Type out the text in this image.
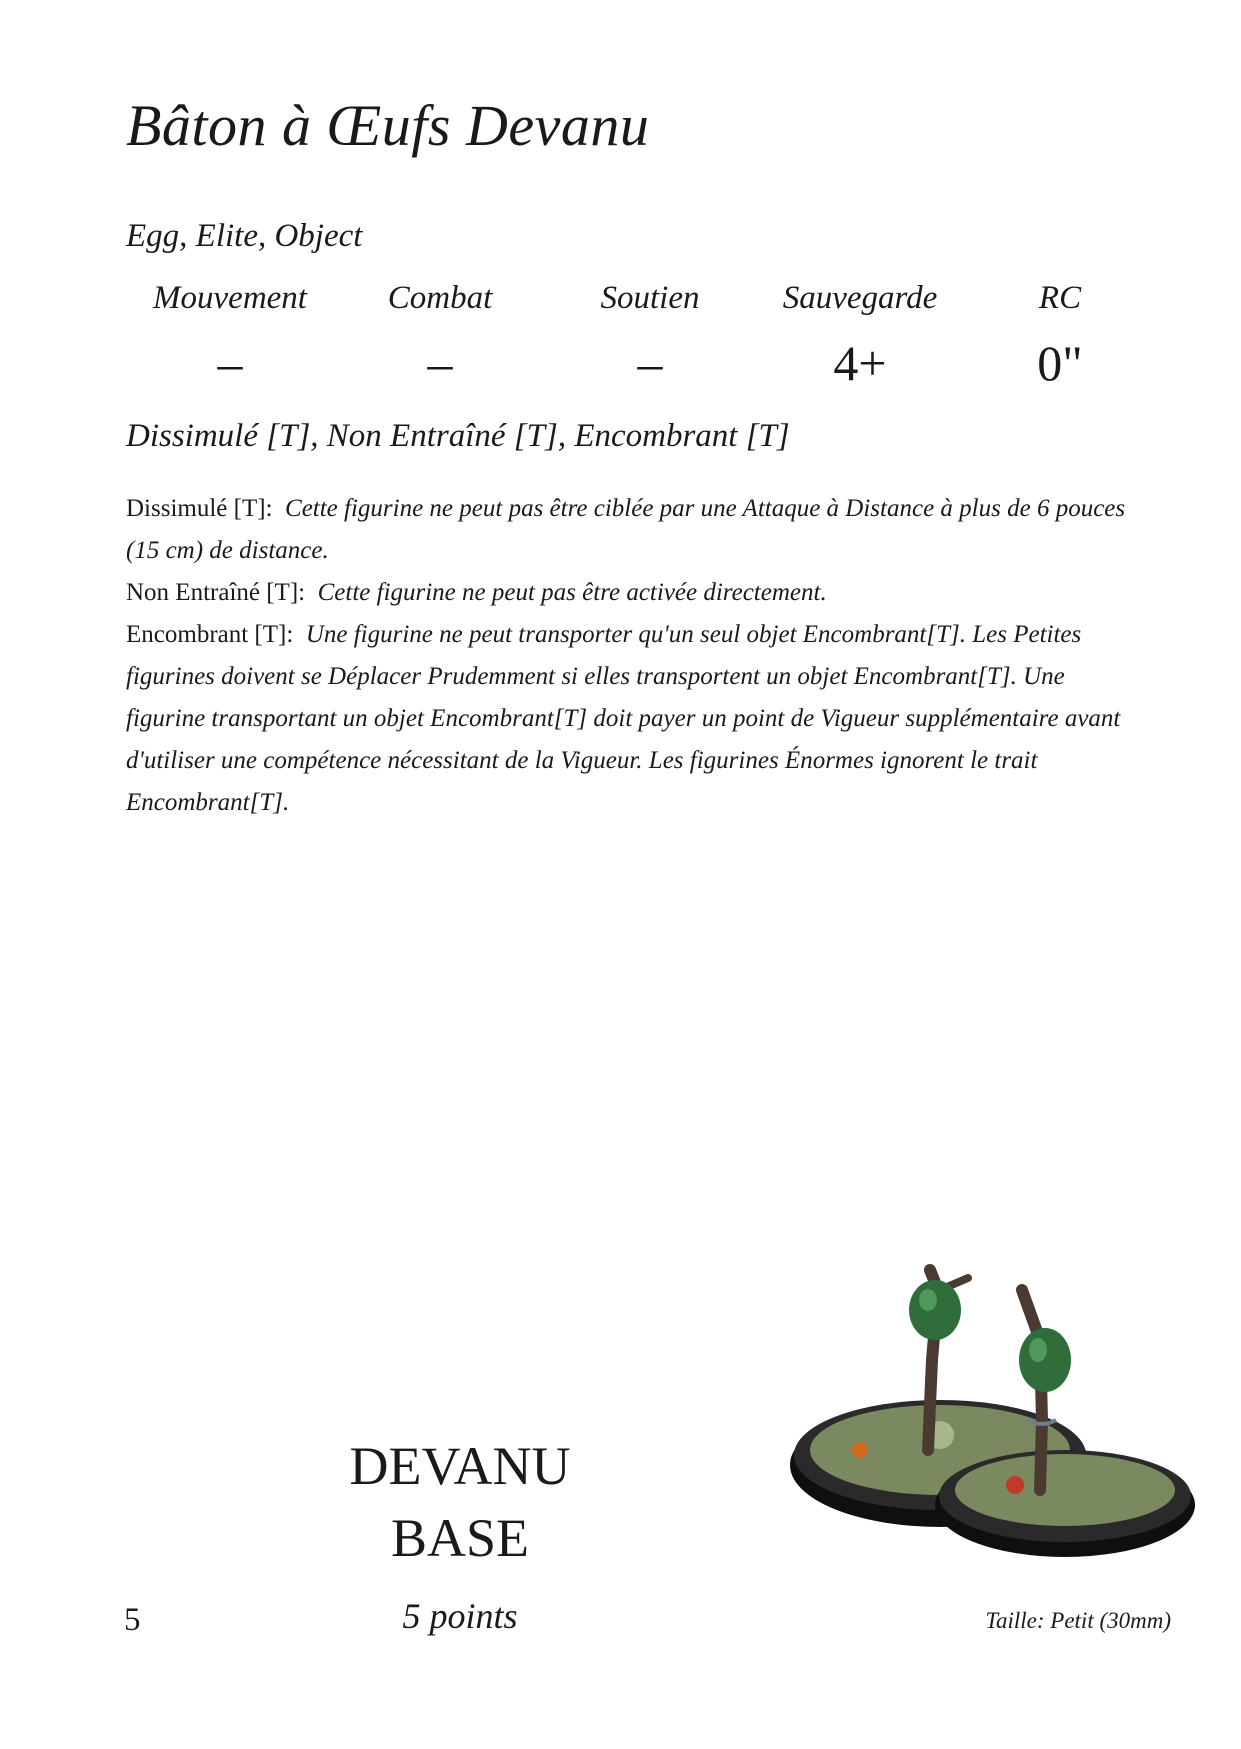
Bâton à Œufs Devanu
Egg, Elite, Object
Mouvement
–
Combat
–
Soutien
–
Sauvegarde
4+
RC
0"
Dissimulé [T], Non Entraîné [T], Encombrant [T]

Dissimulé [T]: Cette figurine ne peut pas être ciblée par une Attaque à Distance à plus de 6 pouces (15 cm) de distance.

Non Entraîné [T]: Cette figurine ne peut pas être activée directement.

Encombrant [T]: Une figurine ne peut transporter qu'un seul objet Encombrant[T]. Les Petites figurines doivent se Déplacer Prudemment si elles transportent un objet Encombrant[T]. Une figurine transportant un objet Encombrant[T] doit payer un point de Vigueur supplémentaire avant d'utiliser une compétence nécessitant de la Vigueur. Les figurines Énormes ignorent le trait Encombrant[T].

DEVANU
BASE
5 points
5	Taille: Petit (30mm)
